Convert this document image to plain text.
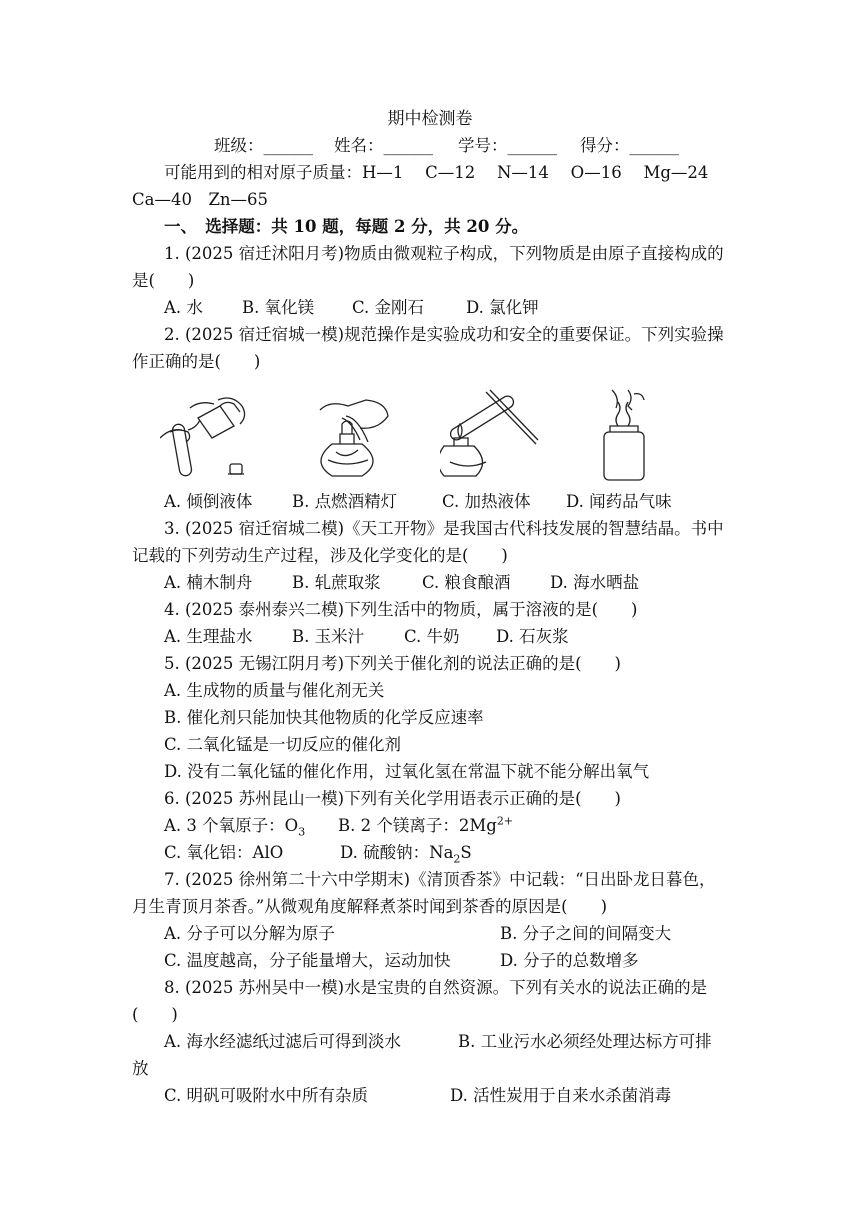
期中检测卷
班级：______ 姓名：______ 学号：______ 得分：______
可能用到的相对原子质量：H—1　 C—12　 N—14　 O—16　 Mg—24
Ca—40　Zn—65
一、　选择题：共 10 题，每题 2 分，共 20 分。
1. (2025 宿迁沭阳月考)物质由微观粒子构成，下列物质是由原子直接构成的
是(　　)
A. 水 B. 氧化镁 C. 金刚石	D. 氯化钾
2. (2025 宿迁宿城一模)规范操作是实验成功和安全的重要保证。下列实验操
作正确的是(　　)
A. 倾倒液体 B. 点燃酒精灯	C. 加热液体 D. 闻药品气味
3. (2025 宿迁宿城二模)《天工开物》是我国古代科技发展的智慧结晶。书中
记载的下列劳动生产过程，涉及化学变化的是(　　)
A. 楠木制舟 B. 轧蔗取浆	C. 粮食酿酒 D. 海水晒盐
4. (2025 泰州泰兴二模)下列生活中的物质，属于溶液的是(　　)
A. 生理盐水 B. 玉米汁 C. 牛奶 D. 石灰浆
5. (2025 无锡江阴月考)下列关于催化剂的说法正确的是(　　)
A. 生成物的质量与催化剂无关
B. 催化剂只能加快其他物质的化学反应速率
C. 二氧化锰是一切反应的催化剂
D. 没有二氧化锰的催化作用，过氧化氢在常温下就不能分解出氧气
6. (2025 苏州昆山一模)下列有关化学用语表示正确的是(　　)
A. 3 个氧原子：$O_3$ B. 2 个镁离子：$2Mg^{2+}$
C. 氧化铝：AlO	D. 硫酸钠：$Na_2S$
7. (2025 徐州第二十六中学期末)《清顶香茶》中记载：“日出卧龙日暮色，
月生青顶月茶香。”从微观角度解释煮茶时闻到茶香的原因是(　　)
A. 分子可以分解为原子	B. 分子之间的间隔变大
C. 温度越高，分子能量增大，运动加快	D. 分子的总数增多
8. (2025 苏州吴中一模)水是宝贵的自然资源。下列有关水的说法正确的是
(　　)
A. 海水经滤纸过滤后可得到淡水	B. 工业污水必须经处理达标方可排
放
C. 明矾可吸附水中所有杂质	D. 活性炭用于自来水杀菌消毒
